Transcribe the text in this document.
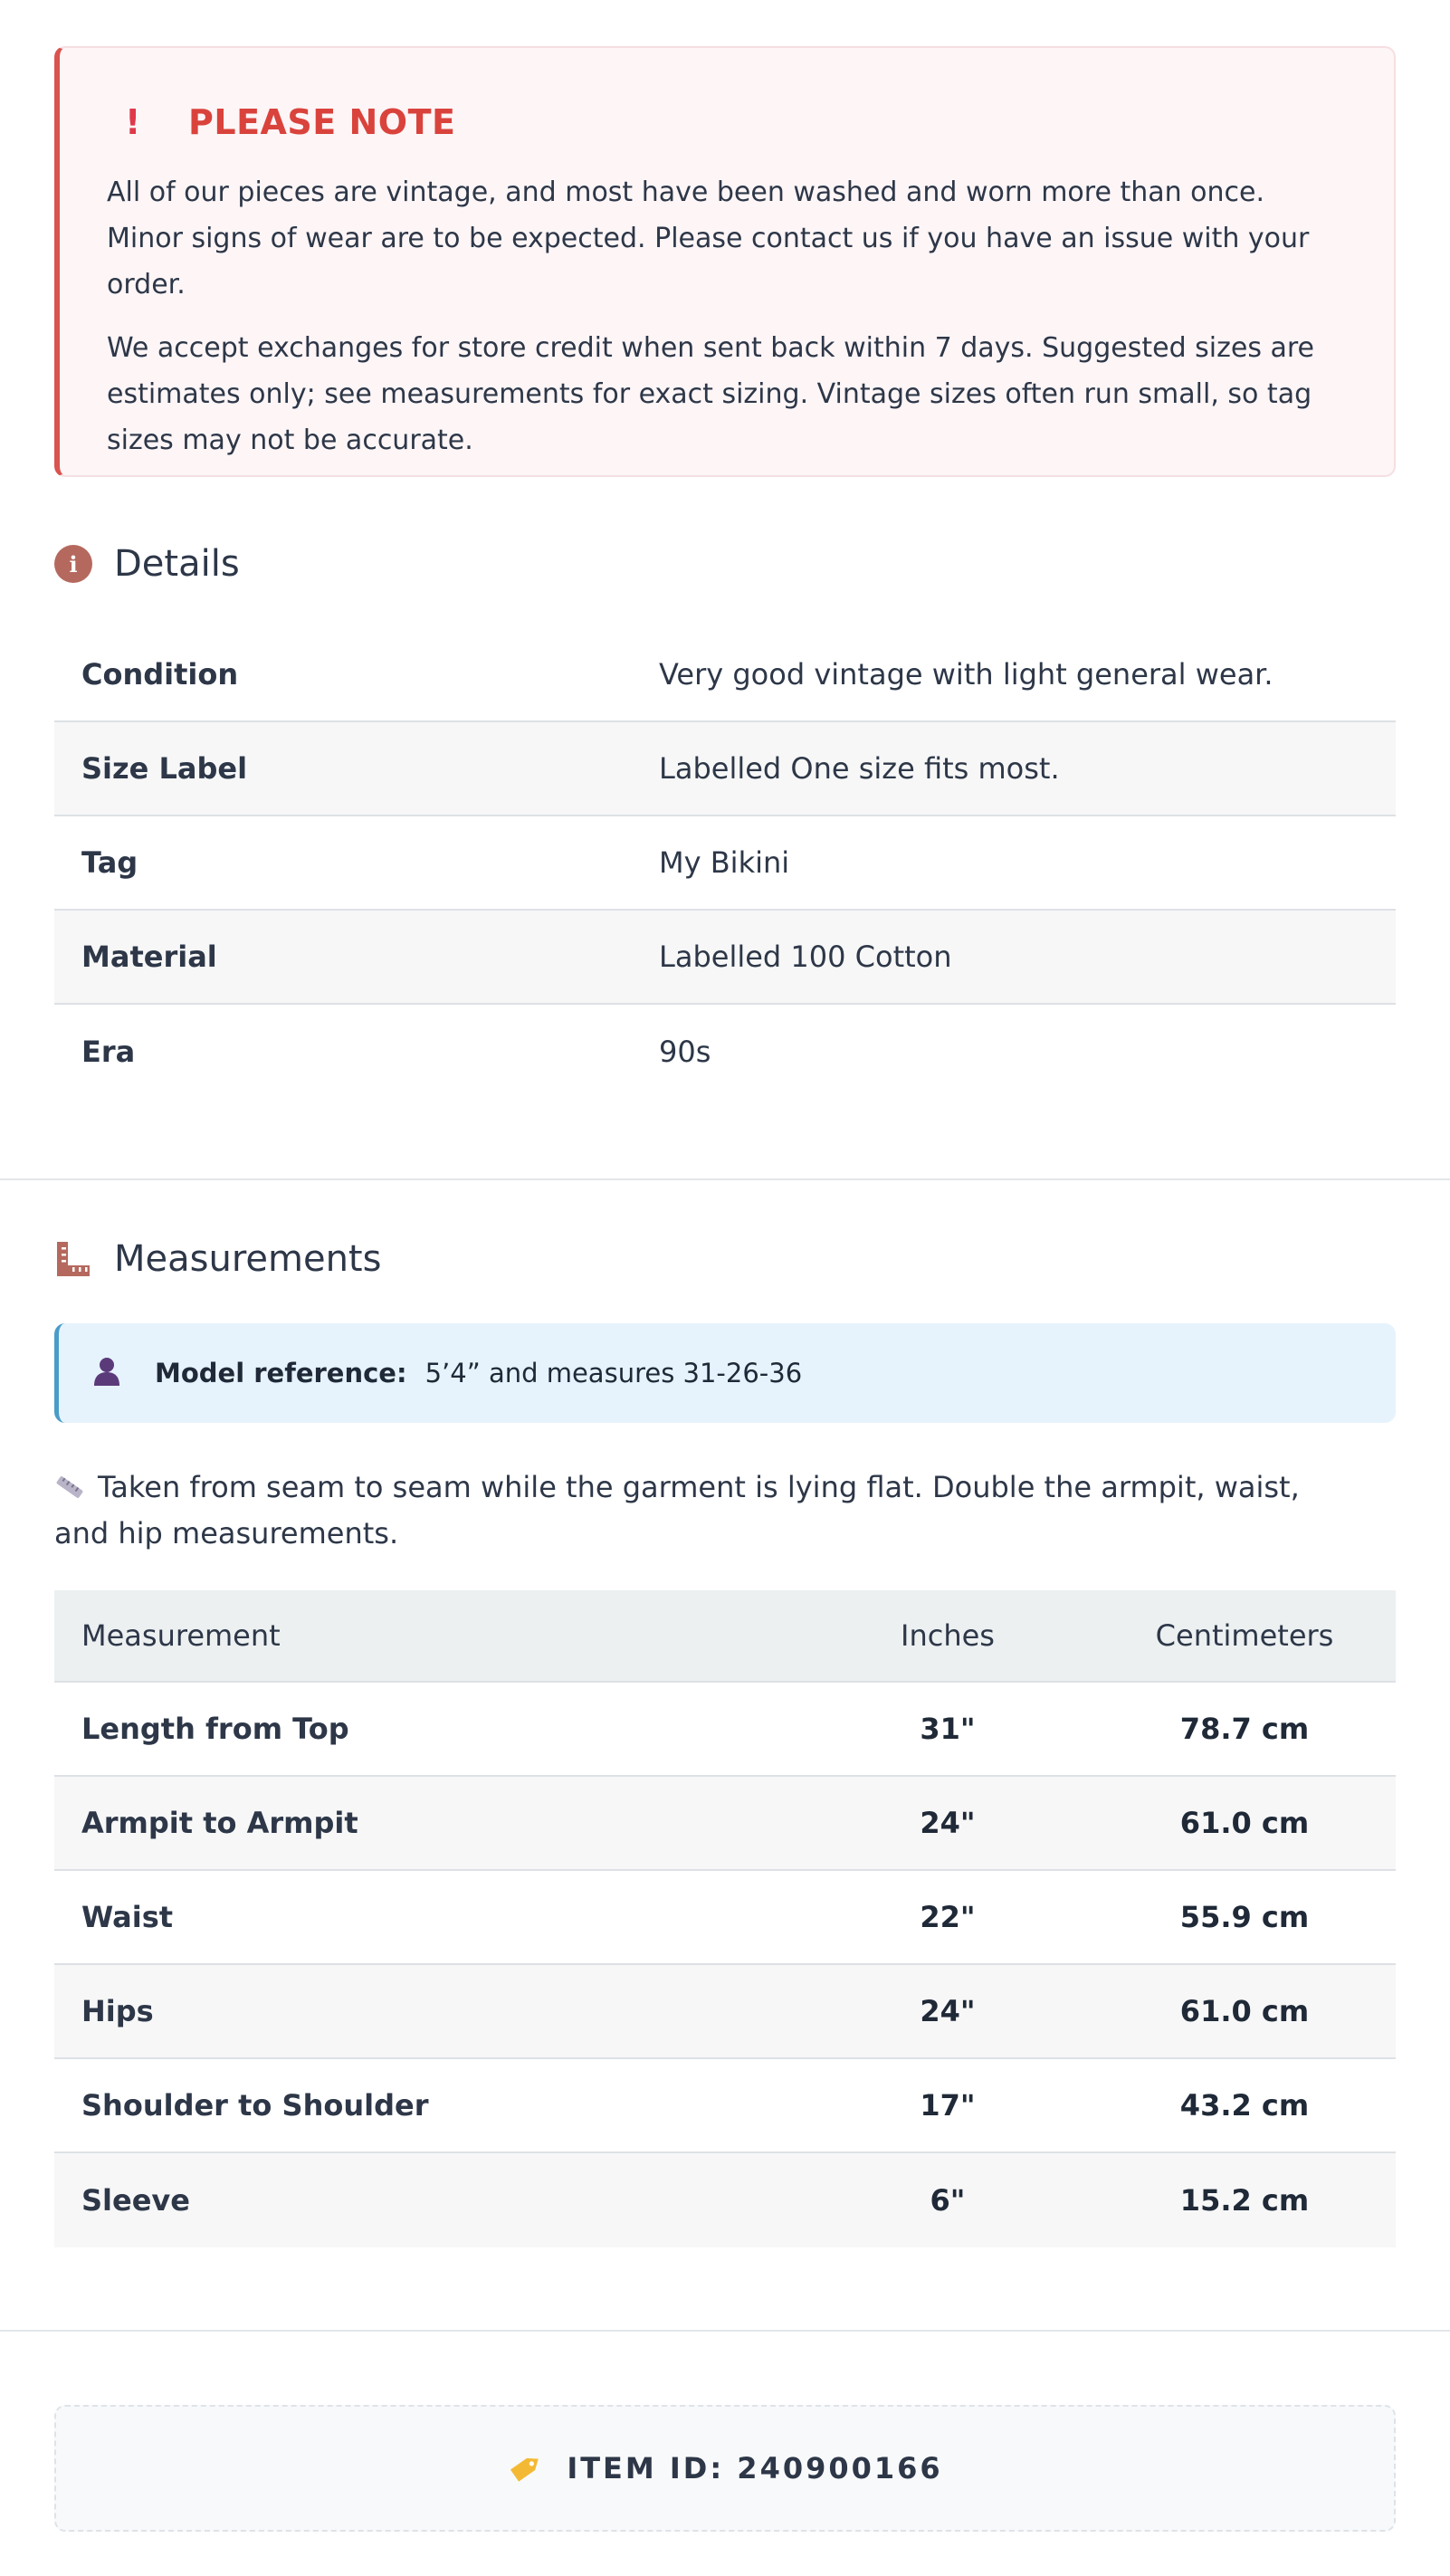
!	PLEASE NOTE

All of our pieces are vintage, and most have been washed and worn more than once. Minor signs of wear are to be expected. Please contact us if you have an issue with your order.

We accept exchanges for store credit when sent back within 7 days. Suggested sizes are estimates only; see measurements for exact sizing. Vintage sizes often run small, so tag sizes may not be accurate.

i	Details
Condition	Very good vintage with light general wear.
Size Label	Labelled One size fits most.
Tag	My Bikini
Material	Labelled 100 Cotton
Era	90s
Measurements
Model reference: 5’4” and measures 31-26-36
Taken from seam to seam while the garment is lying flat. Double the armpit, waist, and hip measurements.
Measurement	Inches	Centimeters
Length from Top	31"	78.7 cm
Armpit to Armpit	24"	61.0 cm
Waist	22"	55.9 cm
Hips	24"	61.0 cm
Shoulder to Shoulder	17"	43.2 cm
Sleeve	6"	15.2 cm
ITEM ID: 240900166
